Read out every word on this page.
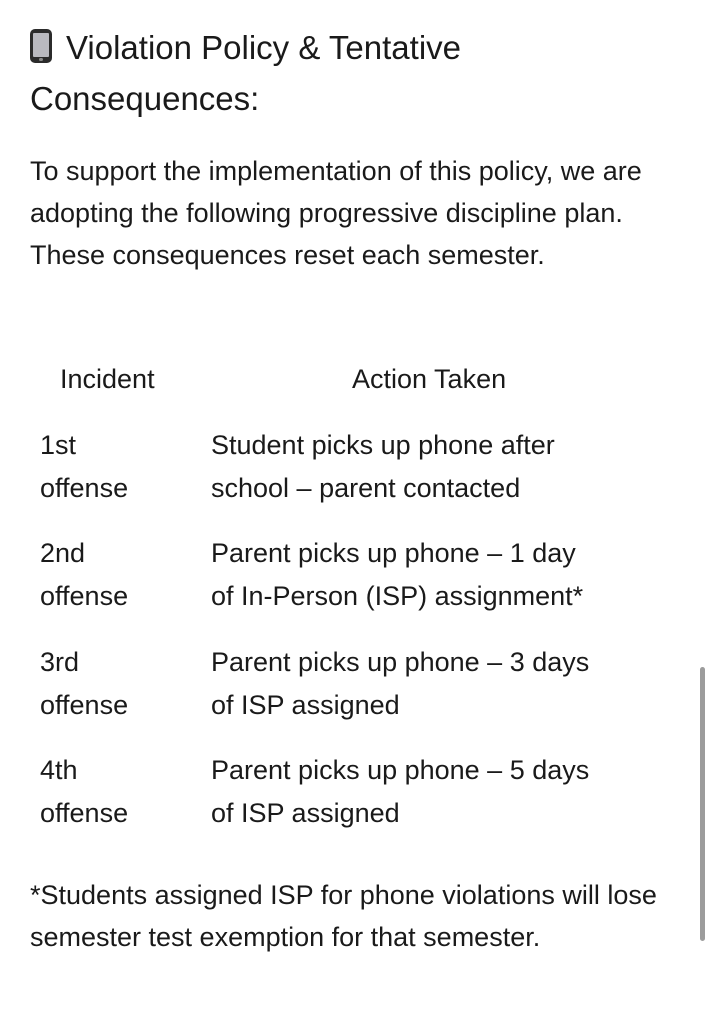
Violation Policy & Tentative
Consequences:

To support the implementation of this policy, we are adopting the following progressive discipline plan. These consequences reset each semester.

Incident	Action Taken
1st
offense
Student picks up phone after
school – parent contacted
2nd
offense
Parent picks up phone – 1 day
of In-Person (ISP) assignment*
3rd
offense
Parent picks up phone – 3 days
of ISP assigned
4th
offense
Parent picks up phone – 5 days
of ISP assigned

*Students assigned ISP for phone violations will lose semester test exemption for that semester.
